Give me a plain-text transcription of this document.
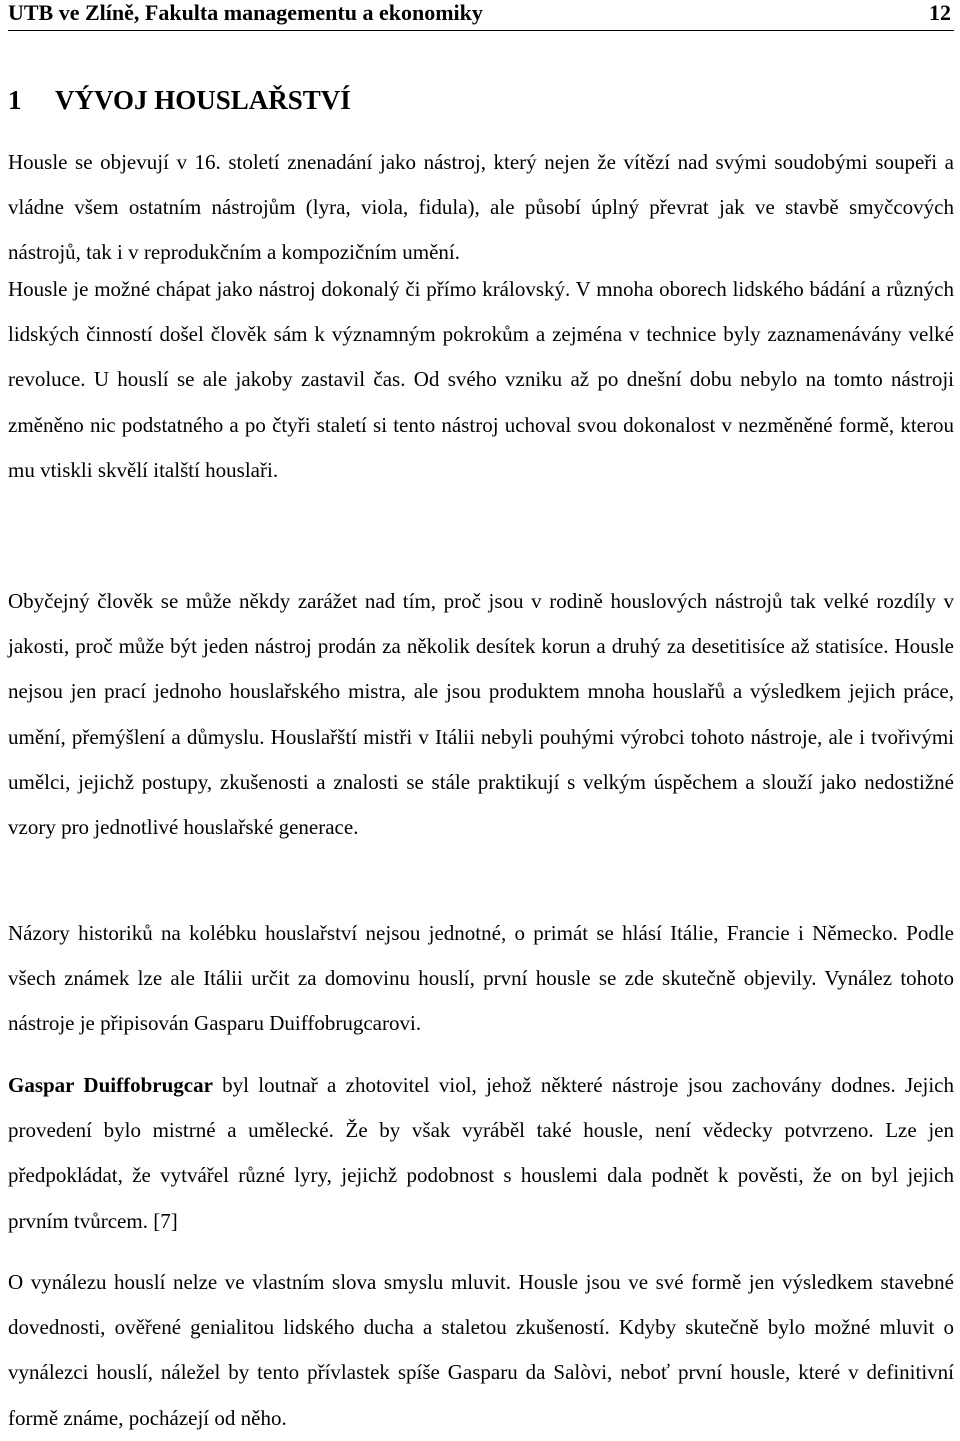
UTB ve Zlíně, Fakulta managementu a ekonomiky	12
1 VÝVOJ HOUSLAŘSTVÍ

Housle se objevují v 16. století znenadání jako nástroj, který nejen že vítězí nad svými soudobými soupeři a vládne všem ostatním nástrojům (lyra, viola, fidula), ale působí úplný převrat jak ve stavbě smyčcových nástrojů, tak i v reprodukčním a kompozičním umění.

Housle je možné chápat jako nástroj dokonalý či přímo královský. V mnoha oborech lidského bádání a různých lidských činností došel člověk sám k významným pokrokům a zejména v technice byly zaznamenávány velké revoluce. U houslí se ale jakoby zastavil čas. Od svého vzniku až po dnešní dobu nebylo na tomto nástroji změněno nic podstatného a po čtyři staletí si tento nástroj uchoval svou dokonalost v nezměněné formě, kterou mu vtiskli skvělí italští houslaři.

Obyčejný člověk se může někdy zarážet nad tím, proč jsou v rodině houslových nástrojů tak velké rozdíly v jakosti, proč může být jeden nástroj prodán za několik desítek korun a druhý za desetitisíce až statisíce. Housle nejsou jen prací jednoho houslařského mistra, ale jsou produktem mnoha houslařů a výsledkem jejich práce, umění, přemýšlení a důmyslu. Houslařští mistři v Itálii nebyli pouhými výrobci tohoto nástroje, ale i tvořivými umělci, jejichž postupy, zkušenosti a znalosti se stále praktikují s velkým úspěchem a slouží jako nedostižné vzory pro jednotlivé houslařské generace.

Názory historiků na kolébku houslařství nejsou jednotné, o primát se hlásí Itálie, Francie i Německo. Podle všech známek lze ale Itálii určit za domovinu houslí, první housle se zde skutečně objevily. Vynález tohoto nástroje je připisován Gasparu Duiffobrugcarovi.

Gaspar Duiffobrugcar byl loutnař a zhotovitel viol, jehož některé nástroje jsou zachovány dodnes. Jejich provedení bylo mistrné a umělecké. Že by však vyráběl také housle, není vědecky potvrzeno. Lze jen předpokládat, že vytvářel různé lyry, jejichž podobnost s houslemi dala podnět k pověsti, že on byl jejich prvním tvůrcem. [7]

O vynálezu houslí nelze ve vlastním slova smyslu mluvit. Housle jsou ve své formě jen výsledkem stavebné dovednosti, ověřené genialitou lidského ducha a staletou zkušeností. Kdyby skutečně bylo možné mluvit o vynálezci houslí, náležel by tento přívlastek spíše Gasparu da Salòvi, neboť první housle, které v definitivní formě známe, pocházejí od něho.
